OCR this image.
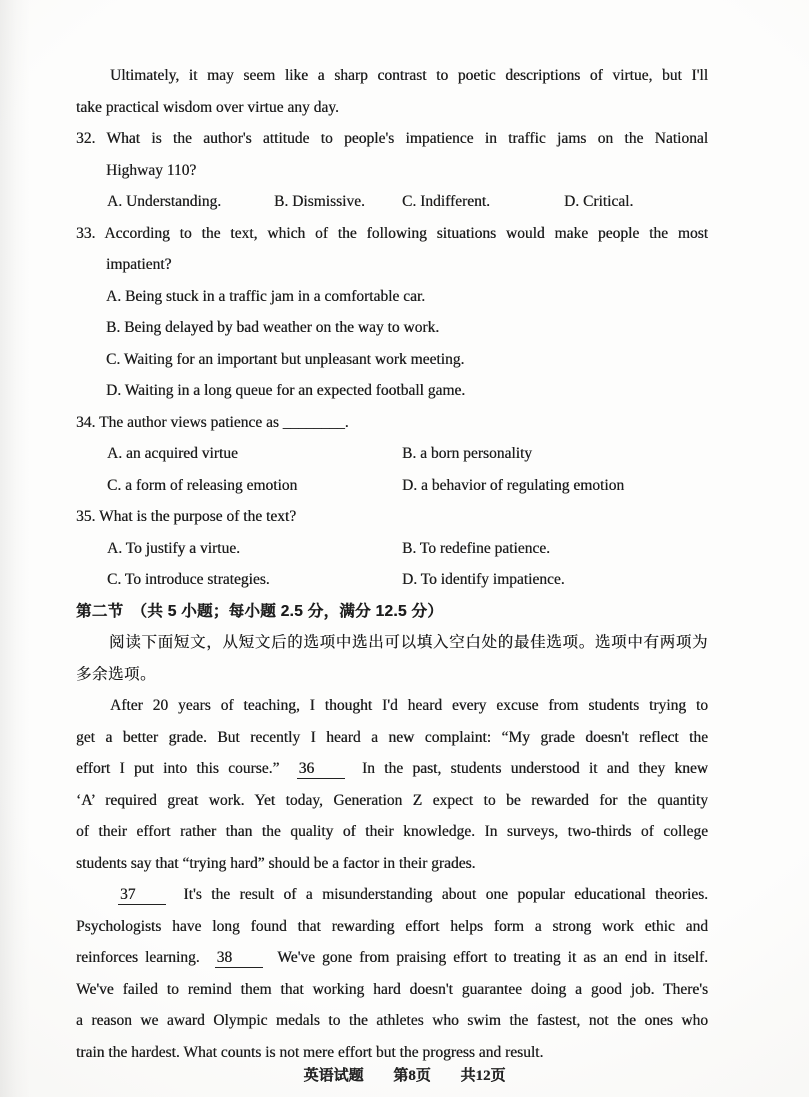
Ultimately, it may seem like a sharp contrast to poetic descriptions of virtue, but I'll
take practical wisdom over virtue any day.
32. What is the author's attitude to people's impatience in traffic jams on the National
Highway 110?
A. Understanding.	B. Dismissive. C. Indifferent.	D. Critical.
33. According to the text, which of the following situations would make people the most
impatient?
A. Being stuck in a traffic jam in a comfortable car.
B. Being delayed by bad weather on the way to work.
C. Waiting for an important but unpleasant work meeting.
D. Waiting in a long queue for an expected football game.
34. The author views patience as ________.
A. an acquired virtue	B. a born personality
C. a form of releasing emotion	D. a behavior of regulating emotion
35. What is the purpose of the text?
A. To justify a virtue.	B. To redefine patience.
C. To introduce strategies.	D. To identify impatience.
第二节　（共 5 小题；每小题 2.5 分，满分 12.5 分）
阅读下面短文，从短文后的选项中选出可以填入空白处的最佳选项。选项中有两项为
多余选项。
After 20 years of teaching, I thought I'd heard every excuse from students trying to
get a better grade. But recently I heard a new complaint: “My grade doesn't reflect the
effort I put into this course.” 36 In the past, students understood it and they knew
‘A’ required great work. Yet today, Generation Z expect to be rewarded for the quantity
of their effort rather than the quality of their knowledge. In surveys, two-thirds of college
students say that “trying hard” should be a factor in their grades.
37 It's the result of a misunderstanding about one popular educational theories.
Psychologists have long found that rewarding effort helps form a strong work ethic and
reinforces learning. 38 We've gone from praising effort to treating it as an end in itself.
We've failed to remind them that working hard doesn't guarantee doing a good job. There's
a reason we award Olympic medals to the athletes who swim the fastest, not the ones who
train the hardest. What counts is not mere effort but the progress and result.
英语试题 第8页 共12页
